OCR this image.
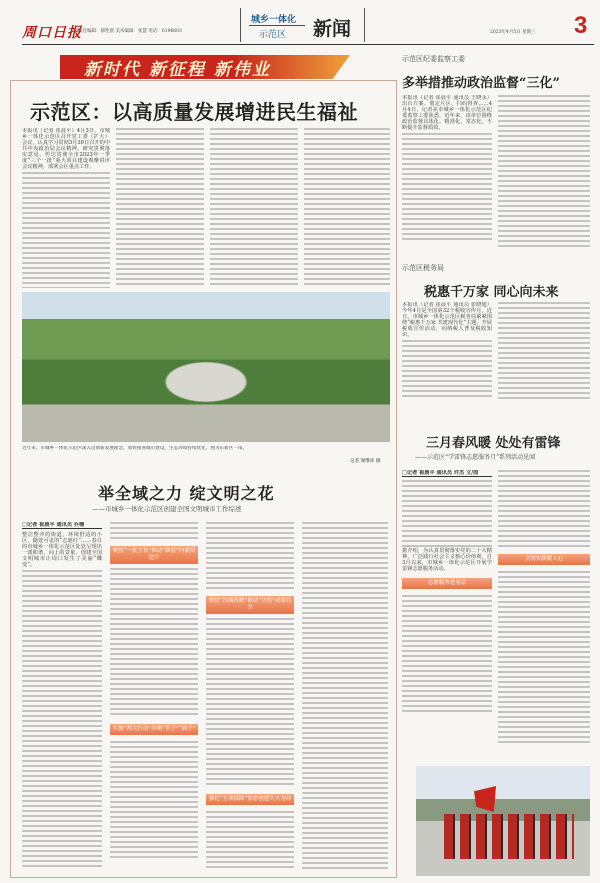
周口日报
责任编辑：郁性晨 美术编辑：张慧 电话：6196603
城乡一体化
示范区 新闻	2023年4月5日 星期三 3
新时代 新征程 新伟业
示范区：以高质量发展增进民生福祉
本报讯（记者 崔晨平）4月3日，市城乡一体化示范区召开党工委（扩大）会议，认真学习贯彻3月30日召开的中共中央政治局会议精神，研究贯彻落实意见，传达贯彻全市2023年一季度“三个一批”重大项目建设观摩讲评会议精神，部署会区重点工作。
近年来，市城乡一体化示范区深入贯彻新发展理念，加快推进城市建设，生态环境持续优化，图为东新区一角。
记者 闻继祥 摄
举全域之力 绽文明之花
——市城乡一体化示范区创建全国文明城市工作综述
□记者 崔晨平 通讯员 乔楠
整洁整齐的街道，环境舒适的小区，随处可见的“志愿红”……春日的市城乡一体化示范区处处呈现出一派和谐、向上的景象。创建全国文明城市让周口发生了美丽“蝶变”。
聚焦“一张主旨”推动“颜值”内涵双提升
实施“两大行动”奏响“里子”“面子”
聚焦“四项机制”推动“文明”成果共享
强化“五项保障”常态创建久久为功
示范区纪委监察工委
多举措推动政治监督“三化”
本报讯（记者 崔晨平 通讯员 王晓永）出台方案、划定片区、扫码督查……4月4日，记者从市城乡一体化示范区纪委监察工委获悉，近年来，该单位围绕政治监督具体化、精准化、常态化，不断提升监督质效。
示范区税务局
税惠千万家 同心向未来
本报讯（记者 崔晨平 通讯员 张晓旭）今年4月是全国第32个税收宣传月。近日，市城乡一体化示范区税务局紧紧围绕“税惠千万家 共建现代化”主题，开展税收宣传活动，向纳税人普及税收知识。
三月春风暖 处处有雷锋
——示范区“学雷锋志愿服务月”系列活动见闻
□记者 崔晨平 通讯员 许杰 文/图
据介绍，为认真贯彻落实党的二十大精神，广泛践行社会主义核心价值观，自3月以来，市城乡一体化示范区开展学雷锋志愿服务活动。
志愿服务进基层
文明实践暖人心
